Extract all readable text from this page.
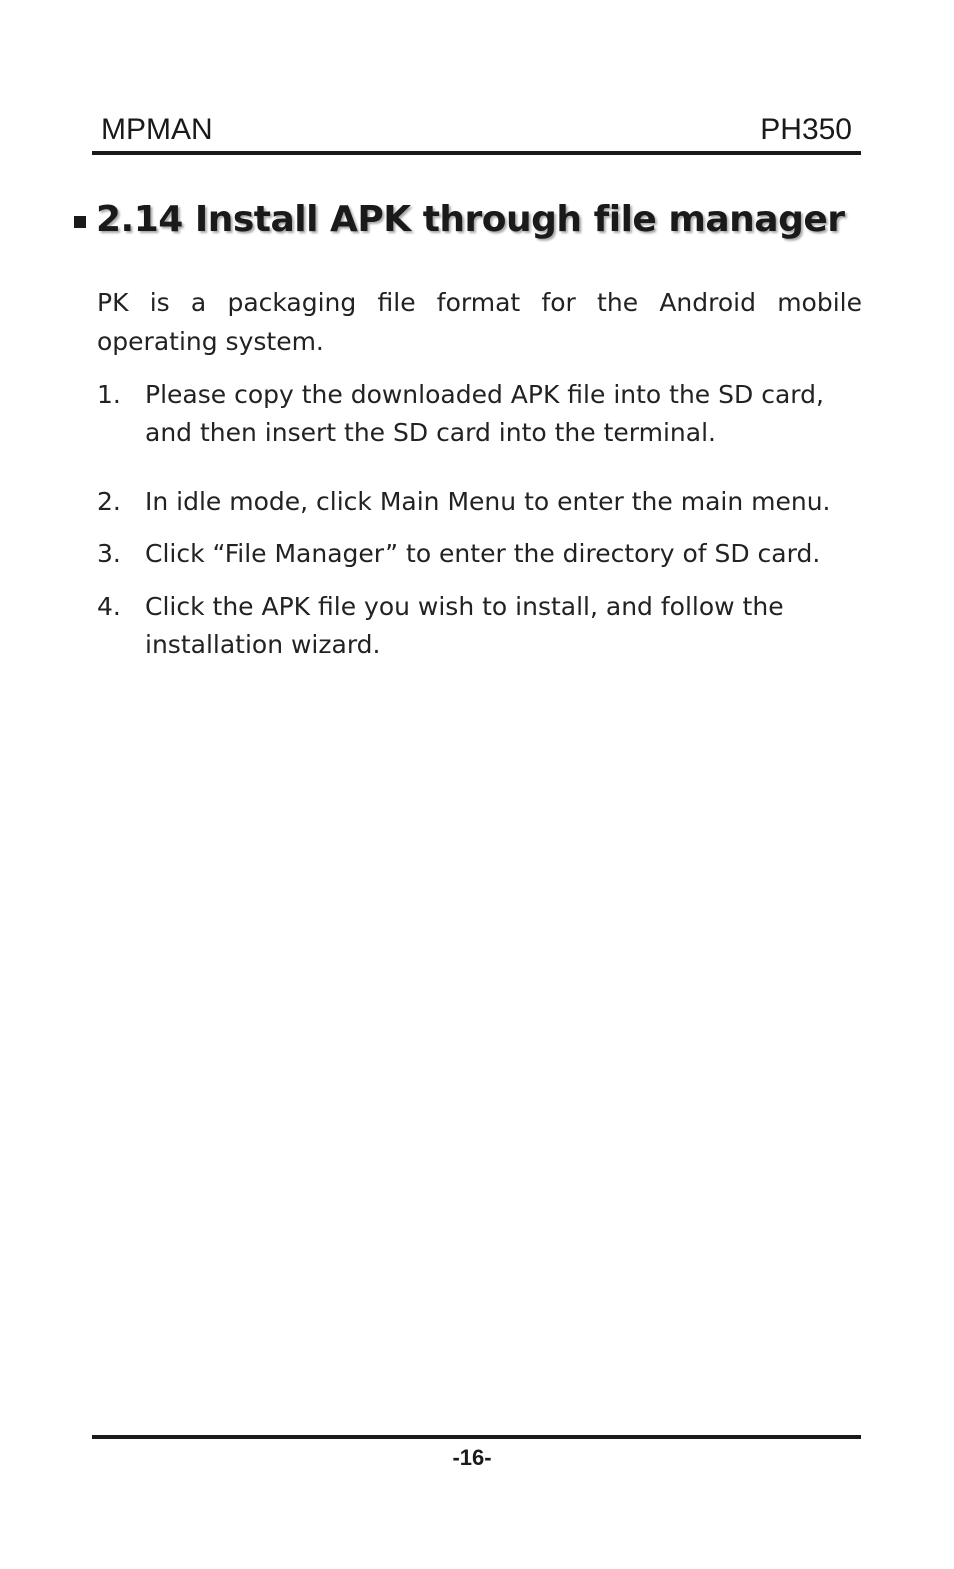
MPMAN	PH350
2.14 Install APK through file manager
PK is a packaging file format for the Android mobile operating system.
1. Please copy the downloaded APK file into the SD card, and then insert the SD card into the terminal.
2. In idle mode, click Main Menu to enter the main menu.
3. Click “File Manager” to enter the directory of SD card.
4. Click the APK file you wish to install, and follow the installation wizard.
-16-
